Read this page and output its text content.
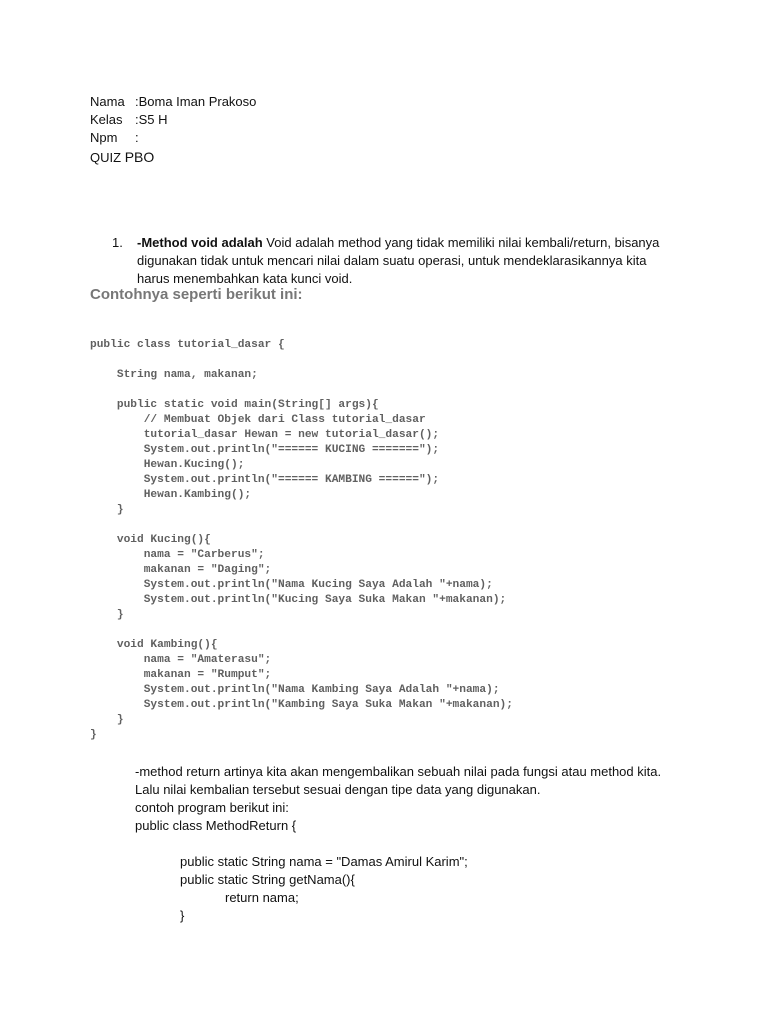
Nama :Boma Iman Prakoso
Kelas :S5 H
Npm	:
QUIZ PBO
1.	-Method void adalah Void adalah method yang tidak memiliki nilai kembali/return, bisanya digunakan tidak untuk mencari nilai dalam suatu operasi, untuk mendeklarasikannya kita harus menembahkan kata kunci void.
Contohnya seperti berikut ini:
public class tutorial_dasar {
String nama, makanan;
public static void main(String[] args){
// Membuat Objek dari Class tutorial_dasar
tutorial_dasar Hewan = new tutorial_dasar();
System.out.println("====== KUCING =======");
Hewan.Kucing();
System.out.println("====== KAMBING ======");
Hewan.Kambing();
}
void Kucing(){
nama = "Carberus";
makanan = "Daging";
System.out.println("Nama Kucing Saya Adalah "+nama);
System.out.println("Kucing Saya Suka Makan "+makanan);
}
void Kambing(){
nama = "Amaterasu";
makanan = "Rumput";
System.out.println("Nama Kambing Saya Adalah "+nama);
System.out.println("Kambing Saya Suka Makan "+makanan);
}
}
-method return artinya kita akan mengembalikan sebuah nilai pada fungsi atau method kita.
Lalu nilai kembalian tersebut sesuai dengan tipe data yang digunakan.
contoh program berikut ini:
public class MethodReturn {
public static String nama = "Damas Amirul Karim";
public static String getNama(){
return nama;
}
